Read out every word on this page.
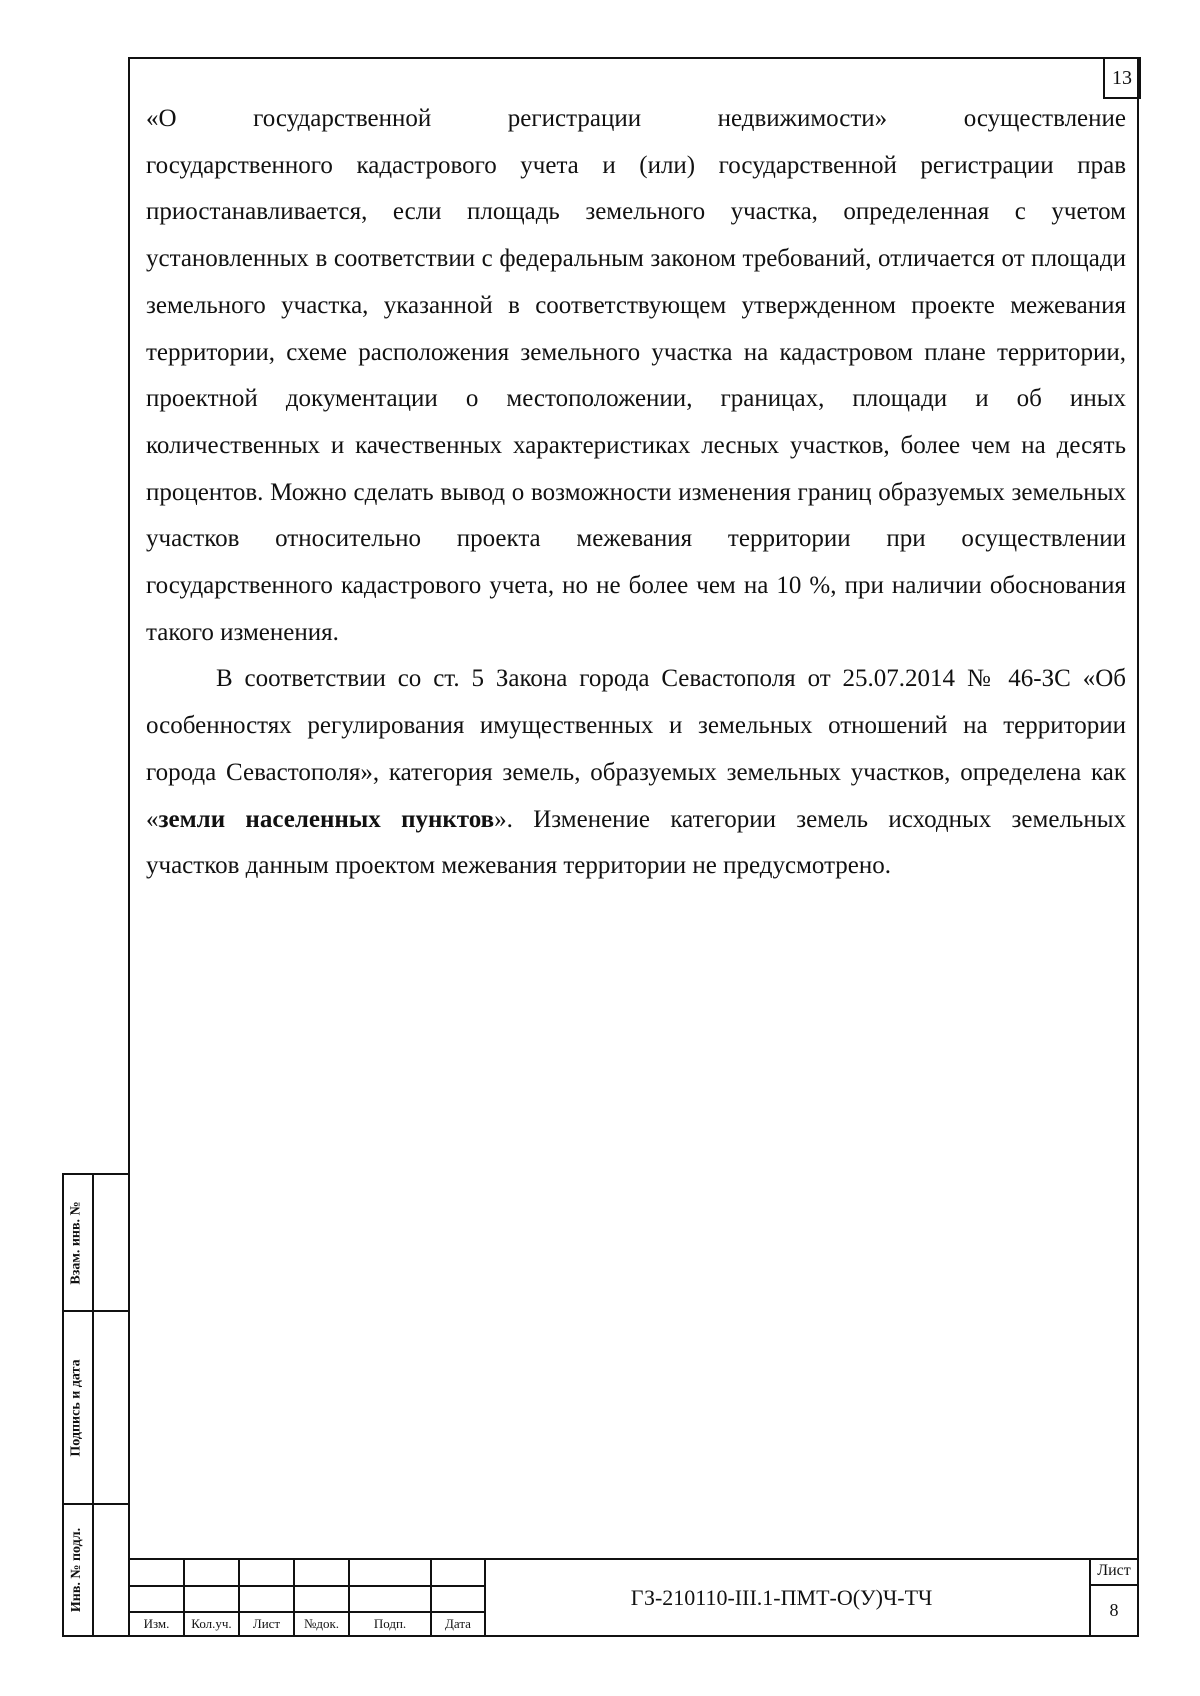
13

«О государственной регистрации недвижимости» осуществление
государственного кадастрового учета и (или) государственной регистрации прав приостанавливается, если площадь земельного участка, определенная с учетом установленных в соответствии с федеральным законом требований, отличается от площади земельного участка, указанной в соответствующем утвержденном проекте межевания территории, схеме расположения земельного участка на кадастровом плане территории, проектной документации о местоположении, границах, площади и об иных количественных и качественных характеристиках лесных участков, более чем на десять процентов. Можно сделать вывод о возможности изменения границ образуемых земельных участков относительно проекта межевания территории при осуществлении государственного кадастрового учета, но не более чем на 10 %, при наличии обоснования такого изменения.

В соответствии со ст. 5 Закона города Севастополя от 25.07.2014 № 46-ЗС «Об особенностях регулирования имущественных и земельных отношений на территории города Севастополя», категория земель, образуемых земельных участков, определена как «земли населенных пунктов». Изменение категории земель исходных земельных участков данным проектом межевания территории не предусмотрено.

Взам. инв. №
Подпись и дата
Инв. № подл.
Изм.	Кол.уч.	Лист	№док.	Подп.	Дата
ГЗ-210110-III.1-ПМТ-О(У)Ч-ТЧ
Лист
8
